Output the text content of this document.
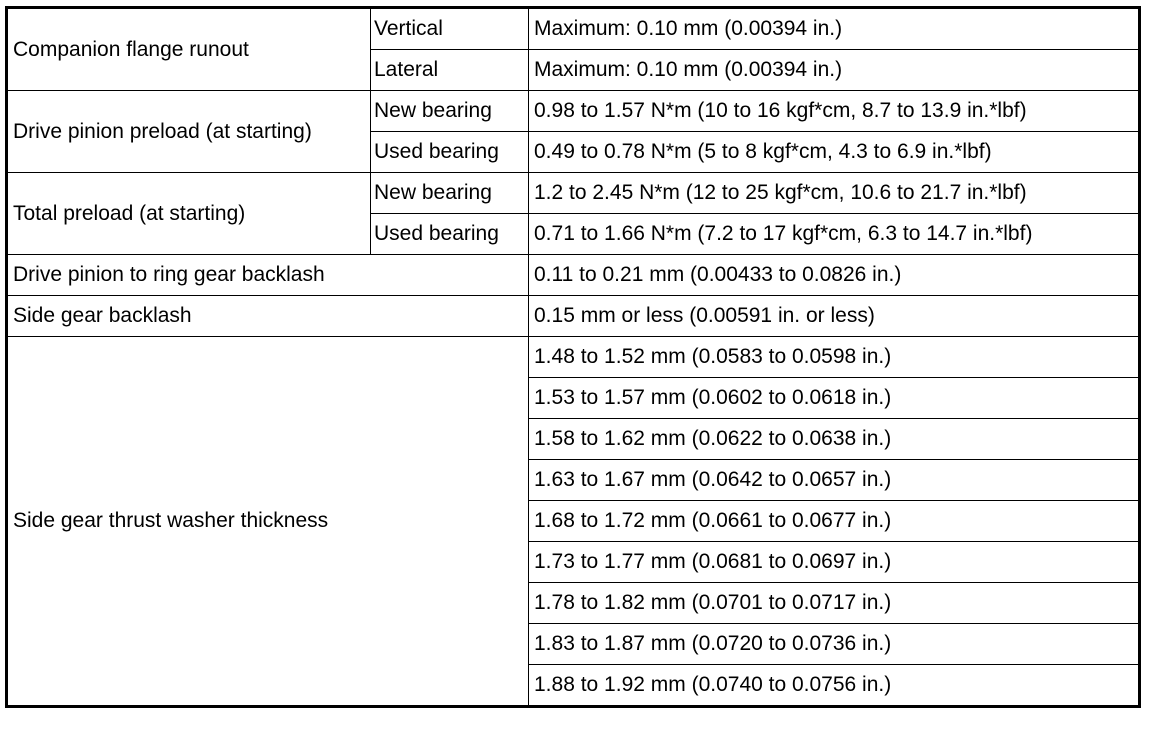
Companion flange runout	Vertical	Maximum: 0.10 mm (0.00394 in.)
	Lateral	Maximum: 0.10 mm (0.00394 in.)
Drive pinion preload (at starting)	New bearing	0.98 to 1.57 N*m (10 to 16 kgf*cm, 8.7 to 13.9 in.*lbf)
	Used bearing	0.49 to 0.78 N*m (5 to 8 kgf*cm, 4.3 to 6.9 in.*lbf)
Total preload (at starting)	New bearing	1.2 to 2.45 N*m (12 to 25 kgf*cm, 10.6 to 21.7 in.*lbf)
	Used bearing	0.71 to 1.66 N*m (7.2 to 17 kgf*cm, 6.3 to 14.7 in.*lbf)
Drive pinion to ring gear backlash		0.11 to 0.21 mm (0.00433 to 0.0826 in.)
Side gear backlash		0.15 mm or less (0.00591 in. or less)
Side gear thrust washer thickness		1.48 to 1.52 mm (0.0583 to 0.0598 in.)
		1.53 to 1.57 mm (0.0602 to 0.0618 in.)
		1.58 to 1.62 mm (0.0622 to 0.0638 in.)
		1.63 to 1.67 mm (0.0642 to 0.0657 in.)
		1.68 to 1.72 mm (0.0661 to 0.0677 in.)
		1.73 to 1.77 mm (0.0681 to 0.0697 in.)
		1.78 to 1.82 mm (0.0701 to 0.0717 in.)
		1.83 to 1.87 mm (0.0720 to 0.0736 in.)
		1.88 to 1.92 mm (0.0740 to 0.0756 in.)
